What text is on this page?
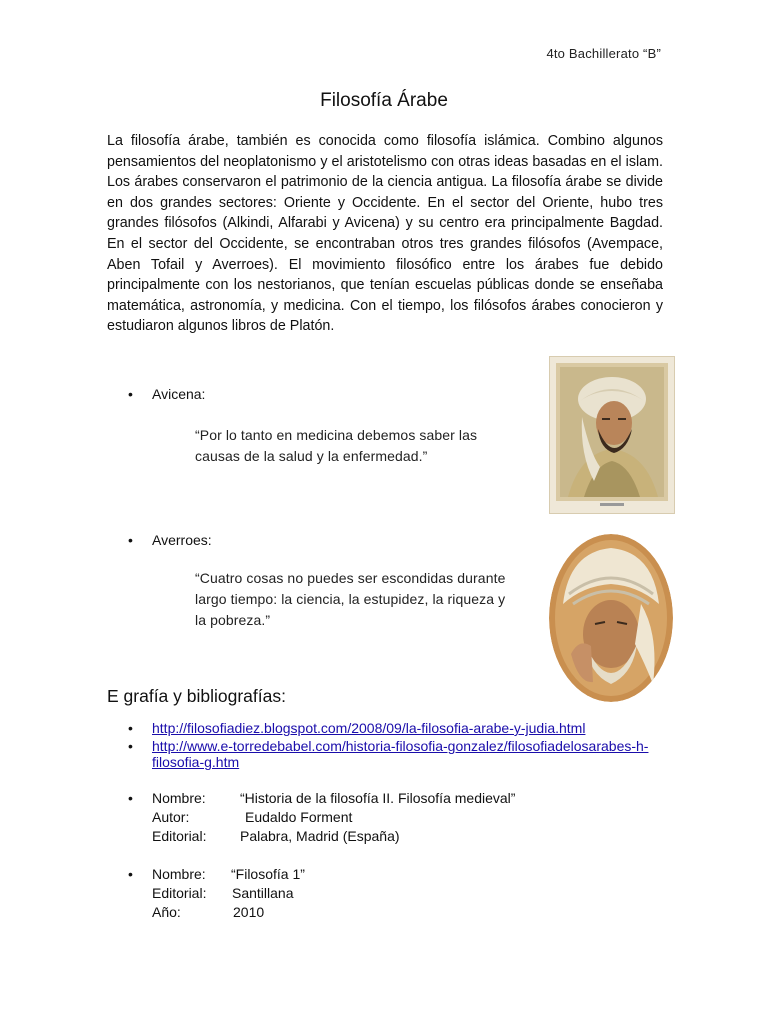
4to Bachillerato “B”
Filosofía Árabe

La filosofía árabe, también es conocida como filosofía islámica. Combino algunos pensamientos del neoplatonismo y el aristotelismo con otras ideas basadas en el islam. Los árabes conservaron el patrimonio de la ciencia antigua. La filosofía árabe se divide en dos grandes sectores: Oriente y Occidente. En el sector del Oriente, hubo tres grandes filósofos (Alkindi, Alfarabi y Avicena) y su centro era principalmente Bagdad. En el sector del Occidente, se encontraban otros tres grandes filósofos (Avempace, Aben Tofail y Averroes). El movimiento filosófico entre los árabes fue debido principalmente con los nestorianos, que tenían escuelas públicas donde se enseñaba matemática, astronomía, y medicina. Con el tiempo, los filósofos árabes conocieron y estudiaron algunos libros de Platón.

• Avicena:
“Por lo tanto en medicina debemos saber las
causas de la salud y la enfermedad.”
• Averroes:
“Cuatro cosas no puedes ser escondidas durante
largo tiempo: la ciencia, la estupidez, la riqueza y
la pobreza.”
E grafía y bibliografías:
• http://filosofiadiez.blogspot.com/2008/09/la-filosofia-arabe-y-judia.html
• http://www.e-torredebabel.com/historia-filosofia-gonzalez/filosofiadelosarabes-h-filosofia-g.htm
• Nombre: “Historia de la filosofía II. Filosofía medieval”
Autor:	Eudaldo Forment
Editorial: Palabra, Madrid (España)
• Nombre: “Filosofía 1”
Editorial: Santillana
Año:	2010
